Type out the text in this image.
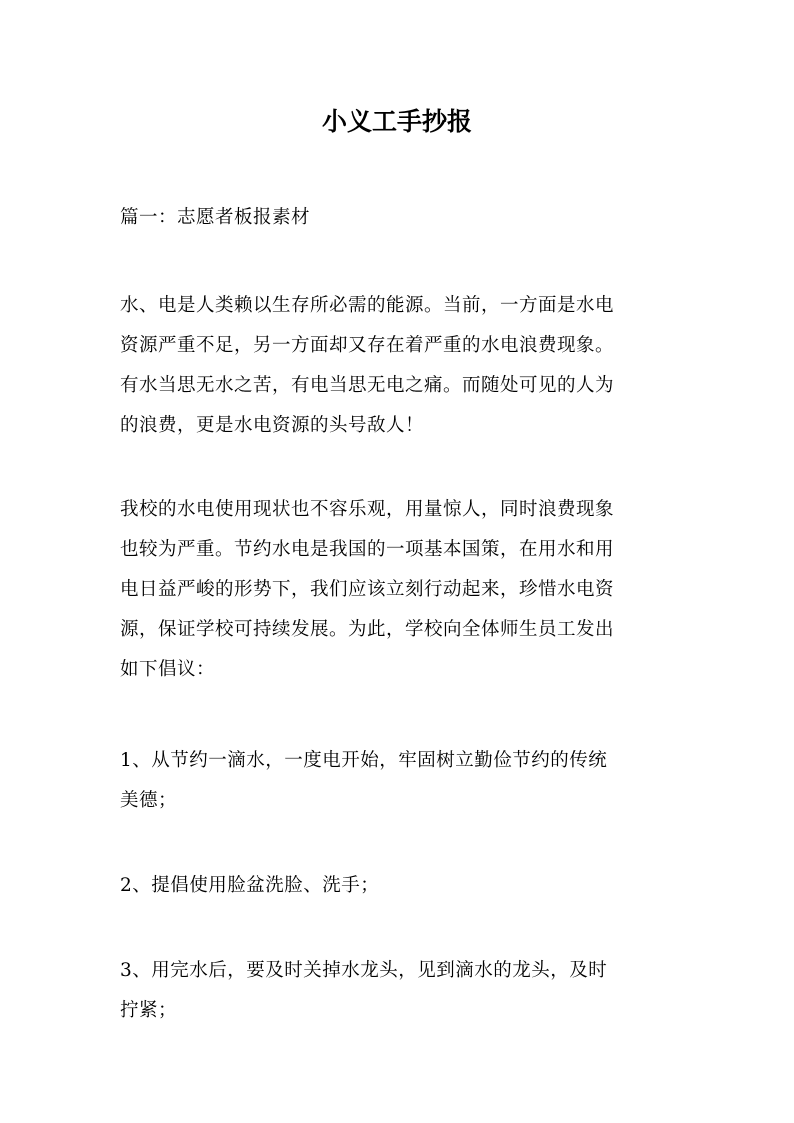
小义工手抄报

篇一：志愿者板报素材

水、电是人类赖以生存所必需的能源。当前，一方面是水电
资源严重不足，另一方面却又存在着严重的水电浪费现象。
有水当思无水之苦，有电当思无电之痛。而随处可见的人为
的浪费，更是水电资源的头号敌人！

我校的水电使用现状也不容乐观，用量惊人，同时浪费现象
也较为严重。节约水电是我国的一项基本国策，在用水和用
电日益严峻的形势下，我们应该立刻行动起来，珍惜水电资
源，保证学校可持续发展。为此，学校向全体师生员工发出
如下倡议：

1、从节约一滴水，一度电开始，牢固树立勤俭节约的传统
美德；

2、提倡使用脸盆洗脸、洗手；

3、用完水后，要及时关掉水龙头，见到滴水的龙头，及时
拧紧；
